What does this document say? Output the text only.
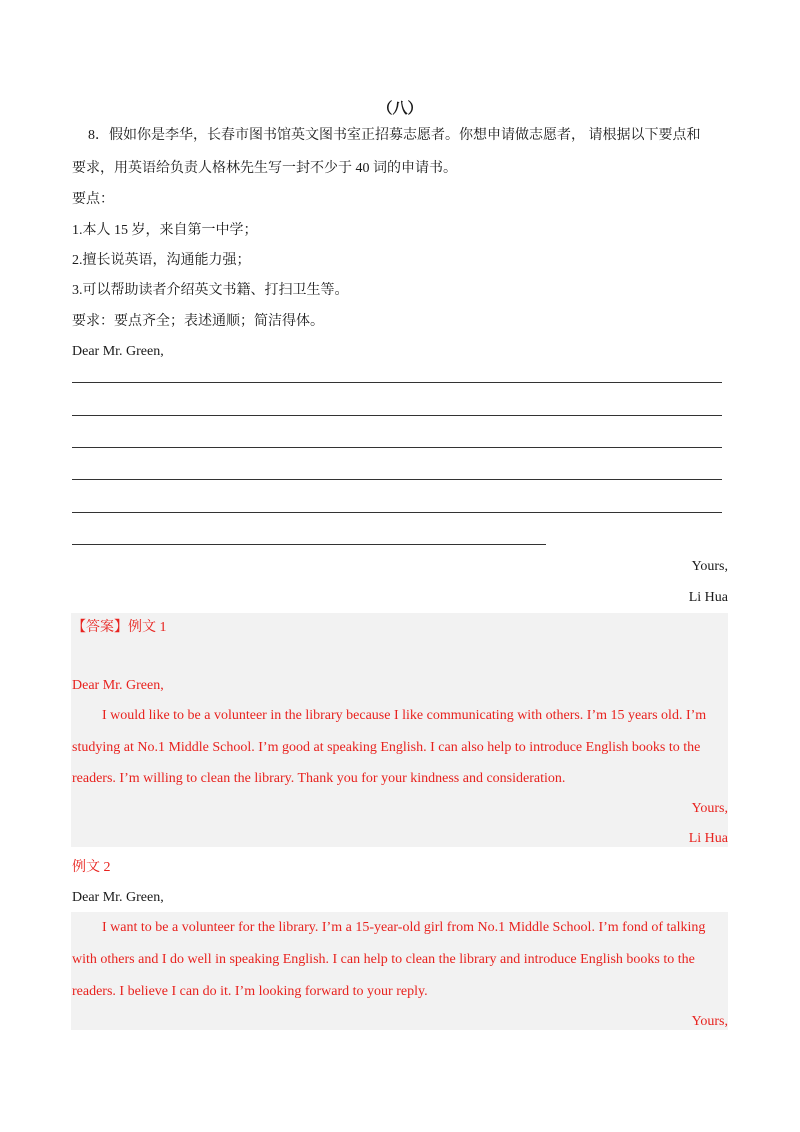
（八）
8．假如你是李华，长春市图书馆英文图书室正招募志愿者。你想申请做志愿者， 请根据以下要点和
要求，用英语给负责人格林先生写一封不少于 40 词的申请书。
要点：
1.本人 15 岁，来自第一中学；
2.擅长说英语，沟通能力强；
3.可以帮助读者介绍英文书籍、打扫卫生等。
要求：要点齐全；表述通顺；简洁得体。
Dear Mr. Green,
Yours,
Li Hua
【答案】例文 1
Dear Mr. Green,
I would like to be a volunteer in the library because I like communicating with others. I’m 15 years old. I’m
studying at No.1 Middle School. I’m good at speaking English. I can also help to introduce English books to the
readers. I’m willing to clean the library. Thank you for your kindness and consideration.
Yours,
Li Hua
例文 2
Dear Mr. Green,
I want to be a volunteer for the library. I’m a 15-year-old girl from No.1 Middle School. I’m fond of talking
with others and I do well in speaking English. I can help to clean the library and introduce English books to the
readers. I believe I can do it. I’m looking forward to your reply.
Yours,
